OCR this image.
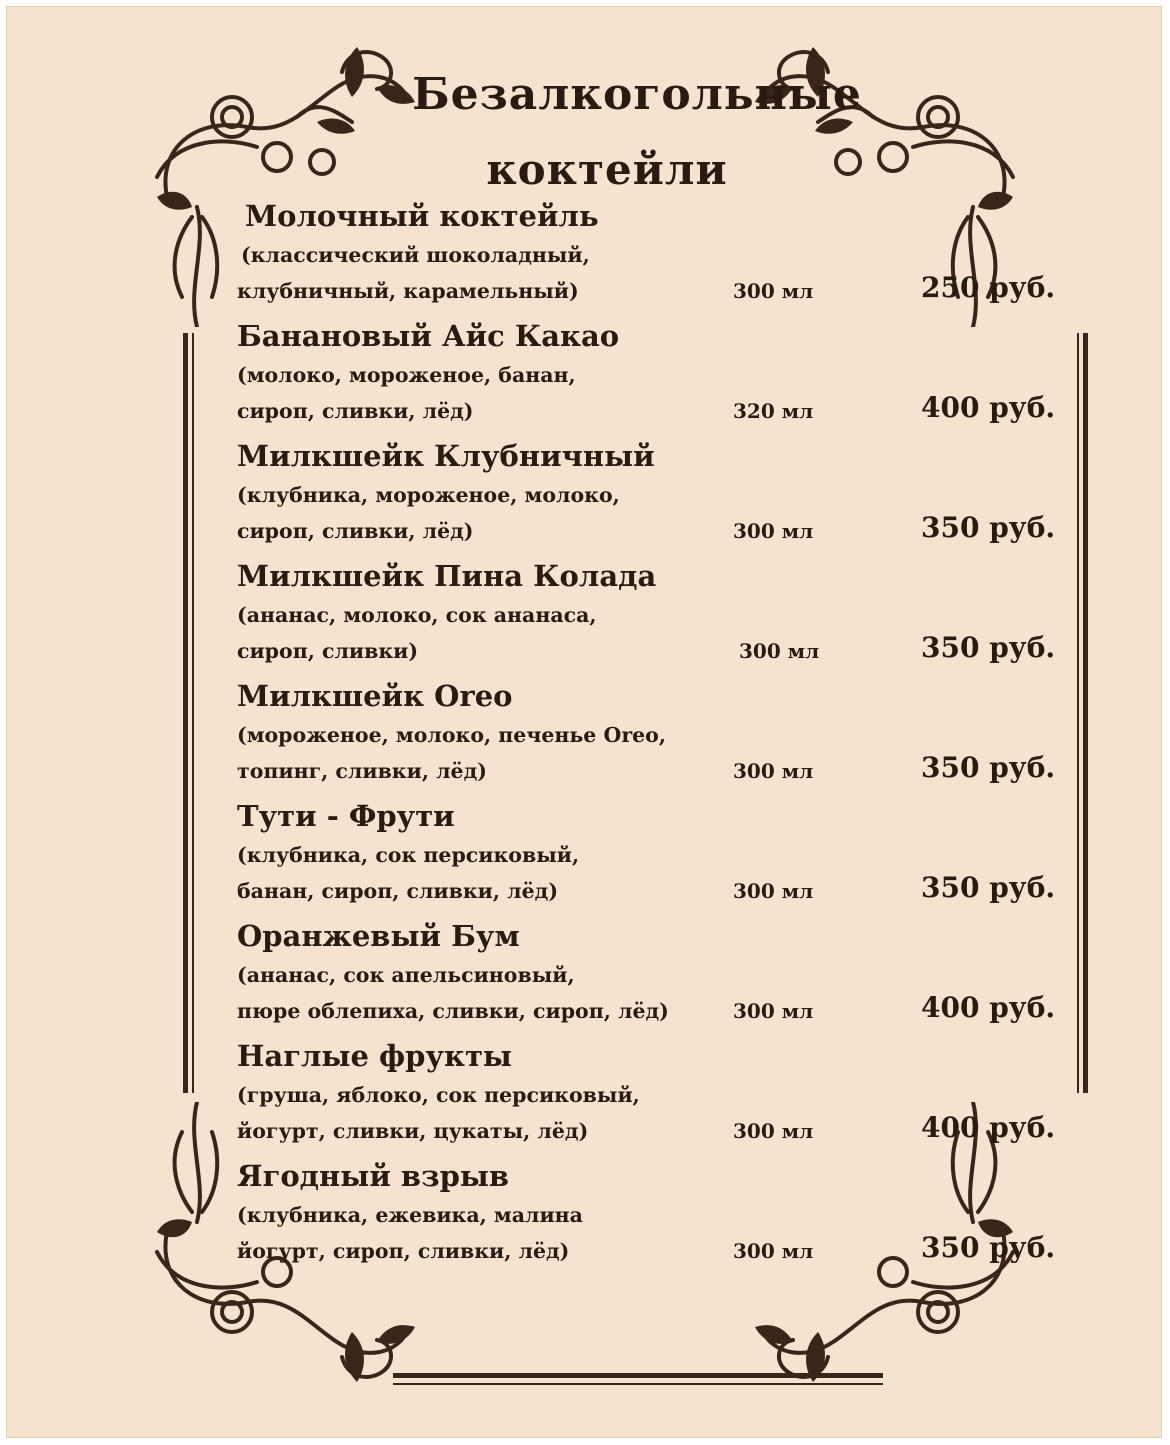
Безалкогольные
коктейли
Молочный коктейль
(классический шоколадный,
клубничный, карамельный)	300 мл	250 руб.
Банановый Айс Какао
(молоко, мороженое, банан,
сироп, сливки, лёд)	320 мл	400 руб.
Милкшейк Клубничный
(клубника, мороженое, молоко,
сироп, сливки, лёд)	300 мл	350 руб.
Милкшейк Пина Колада
(ананас, молоко, сок ананаса,
сироп, сливки)	300 мл	350 руб.
Милкшейк Oreo
(мороженое, молоко, печенье Oreo,
топинг, сливки, лёд)	300 мл	350 руб.
Тути - Фрути
(клубника, сок персиковый,
банан, сироп, сливки, лёд)	300 мл	350 руб.
Оранжевый Бум
(ананас, сок апельсиновый,
пюре облепиха, сливки, сироп, лёд)	300 мл	400 руб.
Наглые фрукты
(груша, яблоко, сок персиковый,
йогурт, сливки, цукаты, лёд)	300 мл	400 руб.
Ягодный взрыв
(клубника, ежевика, малина
йогурт, сироп, сливки, лёд)	300 мл	350 руб.
